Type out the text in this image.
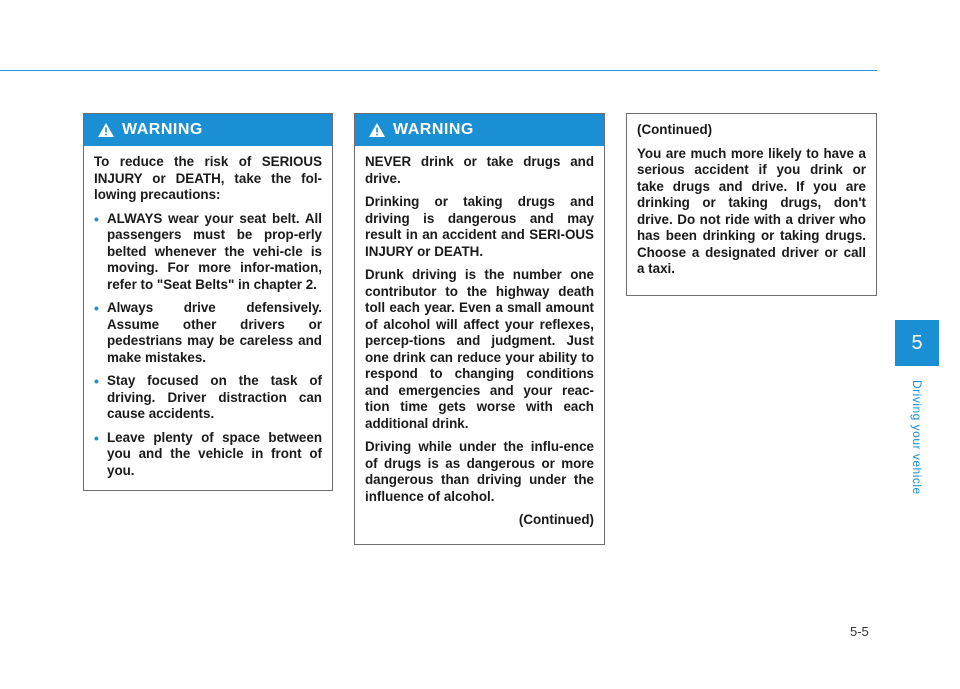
WARNING

To reduce the risk of SERIOUS INJURY or DEATH, take the fol-lowing precautions:

• ALWAYS wear your seat belt. All passengers must be prop-erly belted whenever the vehi-cle is moving. For more infor-mation, refer to "Seat Belts" in chapter 2.
• Always drive defensively. Assume other drivers or pedestrians may be careless and make mistakes.
• Stay focused on the task of driving. Driver distraction can cause accidents.
• Leave plenty of space between you and the vehicle in front of you.
WARNING

NEVER drink or take drugs and drive.

Drinking or taking drugs and driving is dangerous and may result in an accident and SERI-OUS INJURY or DEATH.

Drunk driving is the number one contributor to the highway death toll each year. Even a small amount of alcohol will affect your reflexes, percep-tions and judgment. Just one drink can reduce your ability to respond to changing conditions and emergencies and your reac-tion time gets worse with each additional drink.

Driving while under the influ-ence of drugs is as dangerous or more dangerous than driving under the influence of alcohol.

(Continued)

(Continued)

You are much more likely to have a serious accident if you drink or take drugs and drive. If you are drinking or taking drugs, don't drive. Do not ride with a driver who has been drinking or taking drugs. Choose a designated driver or call a taxi.

5
Driving your vehicle
5-5
